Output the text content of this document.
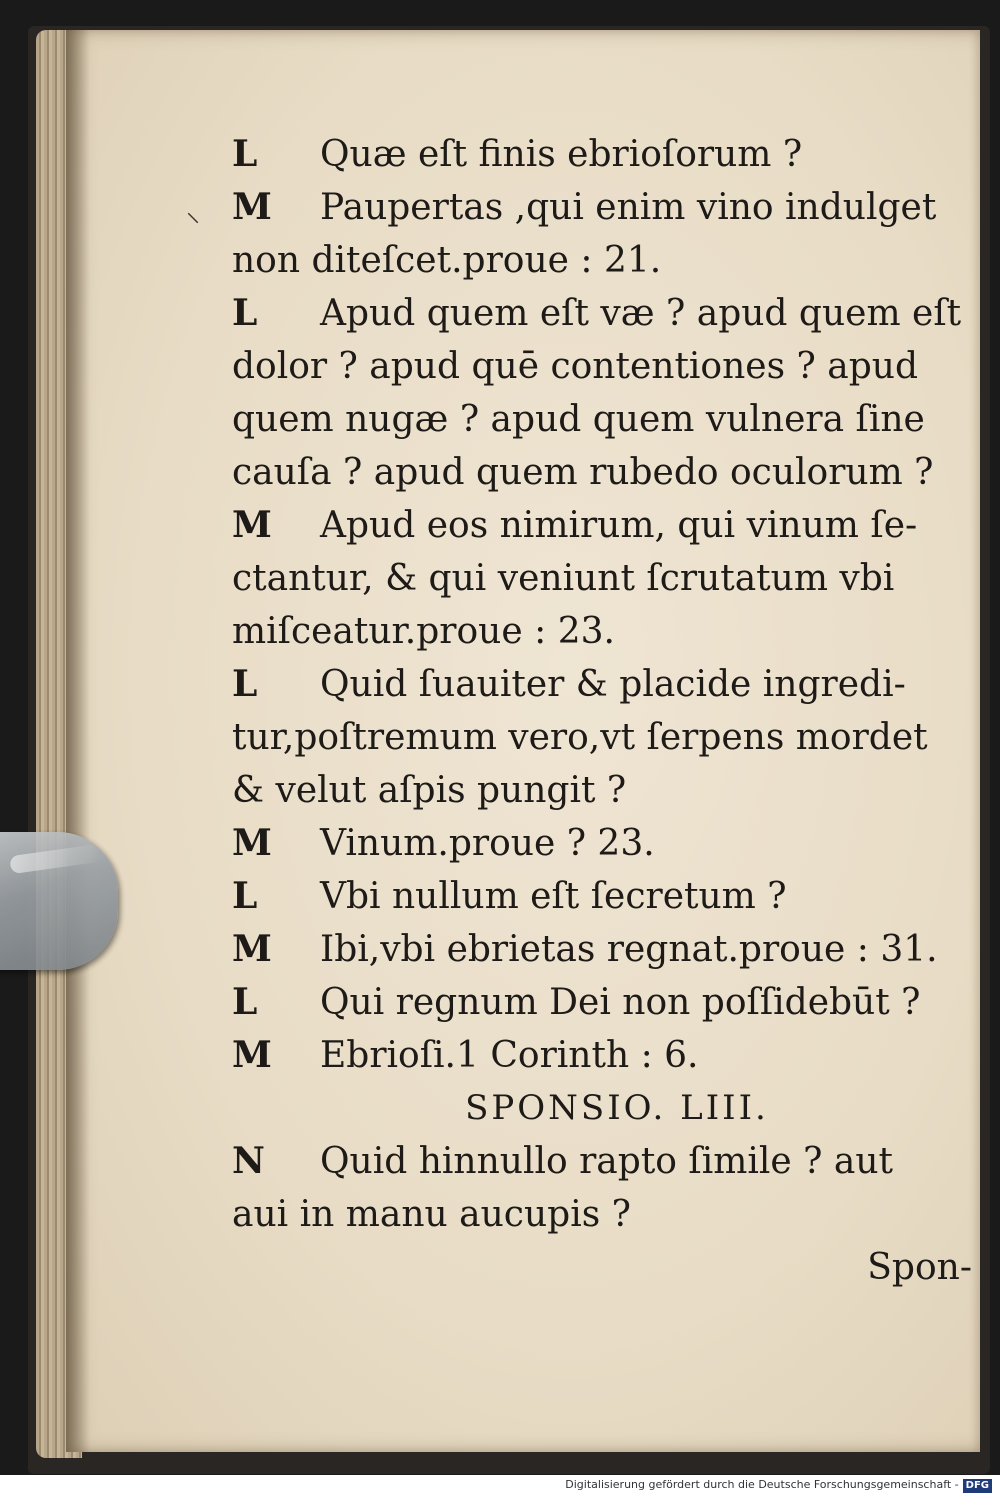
⸜
L Quæ eſt finis ebrioſorum ?
M Paupertas ,qui enim vino indulget
non diteſcet.proue : 21.
L Apud quem eſt væ ? apud quem eſt
dolor ? apud quē contentiones ? apud
quem nugæ ? apud quem vulnera ſine
cauſa ? apud quem rubedo oculorum ?
M Apud eos nimirum, qui vinum ſe-
ctantur, & qui veniunt ſcrutatum vbi
miſceatur.proue : 23.
L Quid ſuauiter & placide ingredi-
tur,poſtremum vero,vt ſerpens mordet
& velut aſpis pungit ?
M Vinum.proue ? 23.
L Vbi nullum eſt ſecretum ?
M Ibi,vbi ebrietas regnat.proue : 31.
L Qui regnum Dei non poſſidebūt ?
M Ebrioſi.1 Corinth : 6.
SPONSIO. LIII.
N Quid hinnullo rapto ſimile ? aut
aui in manu aucupis ?
Spon-
Digitalisierung gefördert durch die Deutsche Forschungsgemeinschaft - DFG
